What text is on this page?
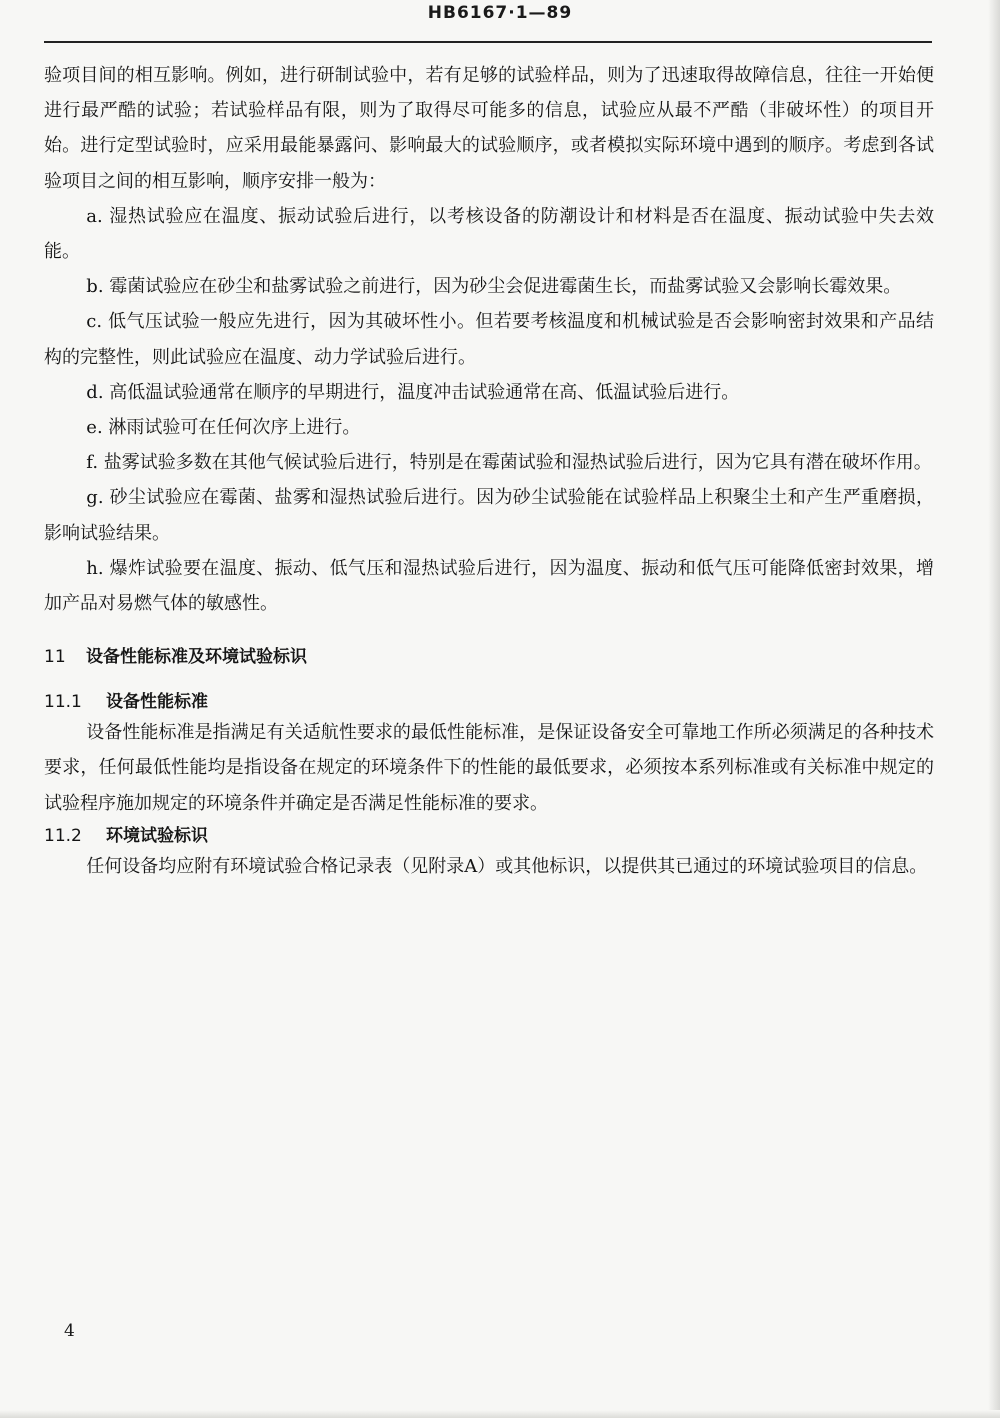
HB6167·1—89

验项目间的相互影响。例如，进行研制试验中，若有足够的试验样品，则为了迅速取得故障信息，往往一开始便进行最严酷的试验；若试验样品有限，则为了取得尽可能多的信息，试验应从最不严酷（非破坏性）的项目开始。进行定型试验时，应采用最能暴露问、影响最大的试验顺序，或者模拟实际环境中遇到的顺序。考虑到各试验项目之间的相互影响，顺序安排一般为：

a. 湿热试验应在温度、振动试验后进行，以考核设备的防潮设计和材料是否在温度、振动试验中失去效能。

b. 霉菌试验应在砂尘和盐雾试验之前进行，因为砂尘会促进霉菌生长，而盐雾试验又会影响长霉效果。

c. 低气压试验一般应先进行，因为其破坏性小。但若要考核温度和机械试验是否会影响密封效果和产品结构的完整性，则此试验应在温度、动力学试验后进行。

d. 高低温试验通常在顺序的早期进行，温度冲击试验通常在高、低温试验后进行。

e. 淋雨试验可在任何次序上进行。

f. 盐雾试验多数在其他气候试验后进行，特别是在霉菌试验和湿热试验后进行，因为它具有潜在破坏作用。

g. 砂尘试验应在霉菌、盐雾和湿热试验后进行。因为砂尘试验能在试验样品上积聚尘土和产生严重磨损，影响试验结果。

h. 爆炸试验要在温度、振动、低气压和湿热试验后进行，因为温度、振动和低气压可能降低密封效果，增加产品对易燃气体的敏感性。

11 设备性能标准及环境试验标识
11.1 设备性能标准

设备性能标准是指满足有关适航性要求的最低性能标准，是保证设备安全可靠地工作所必须满足的各种技术要求，任何最低性能均是指设备在规定的环境条件下的性能的最低要求，必须按本系列标准或有关标准中规定的试验程序施加规定的环境条件并确定是否满足性能标准的要求。

11.2 环境试验标识

任何设备均应附有环境试验合格记录表（见附录A）或其他标识，以提供其已通过的环境试验项目的信息。

4
